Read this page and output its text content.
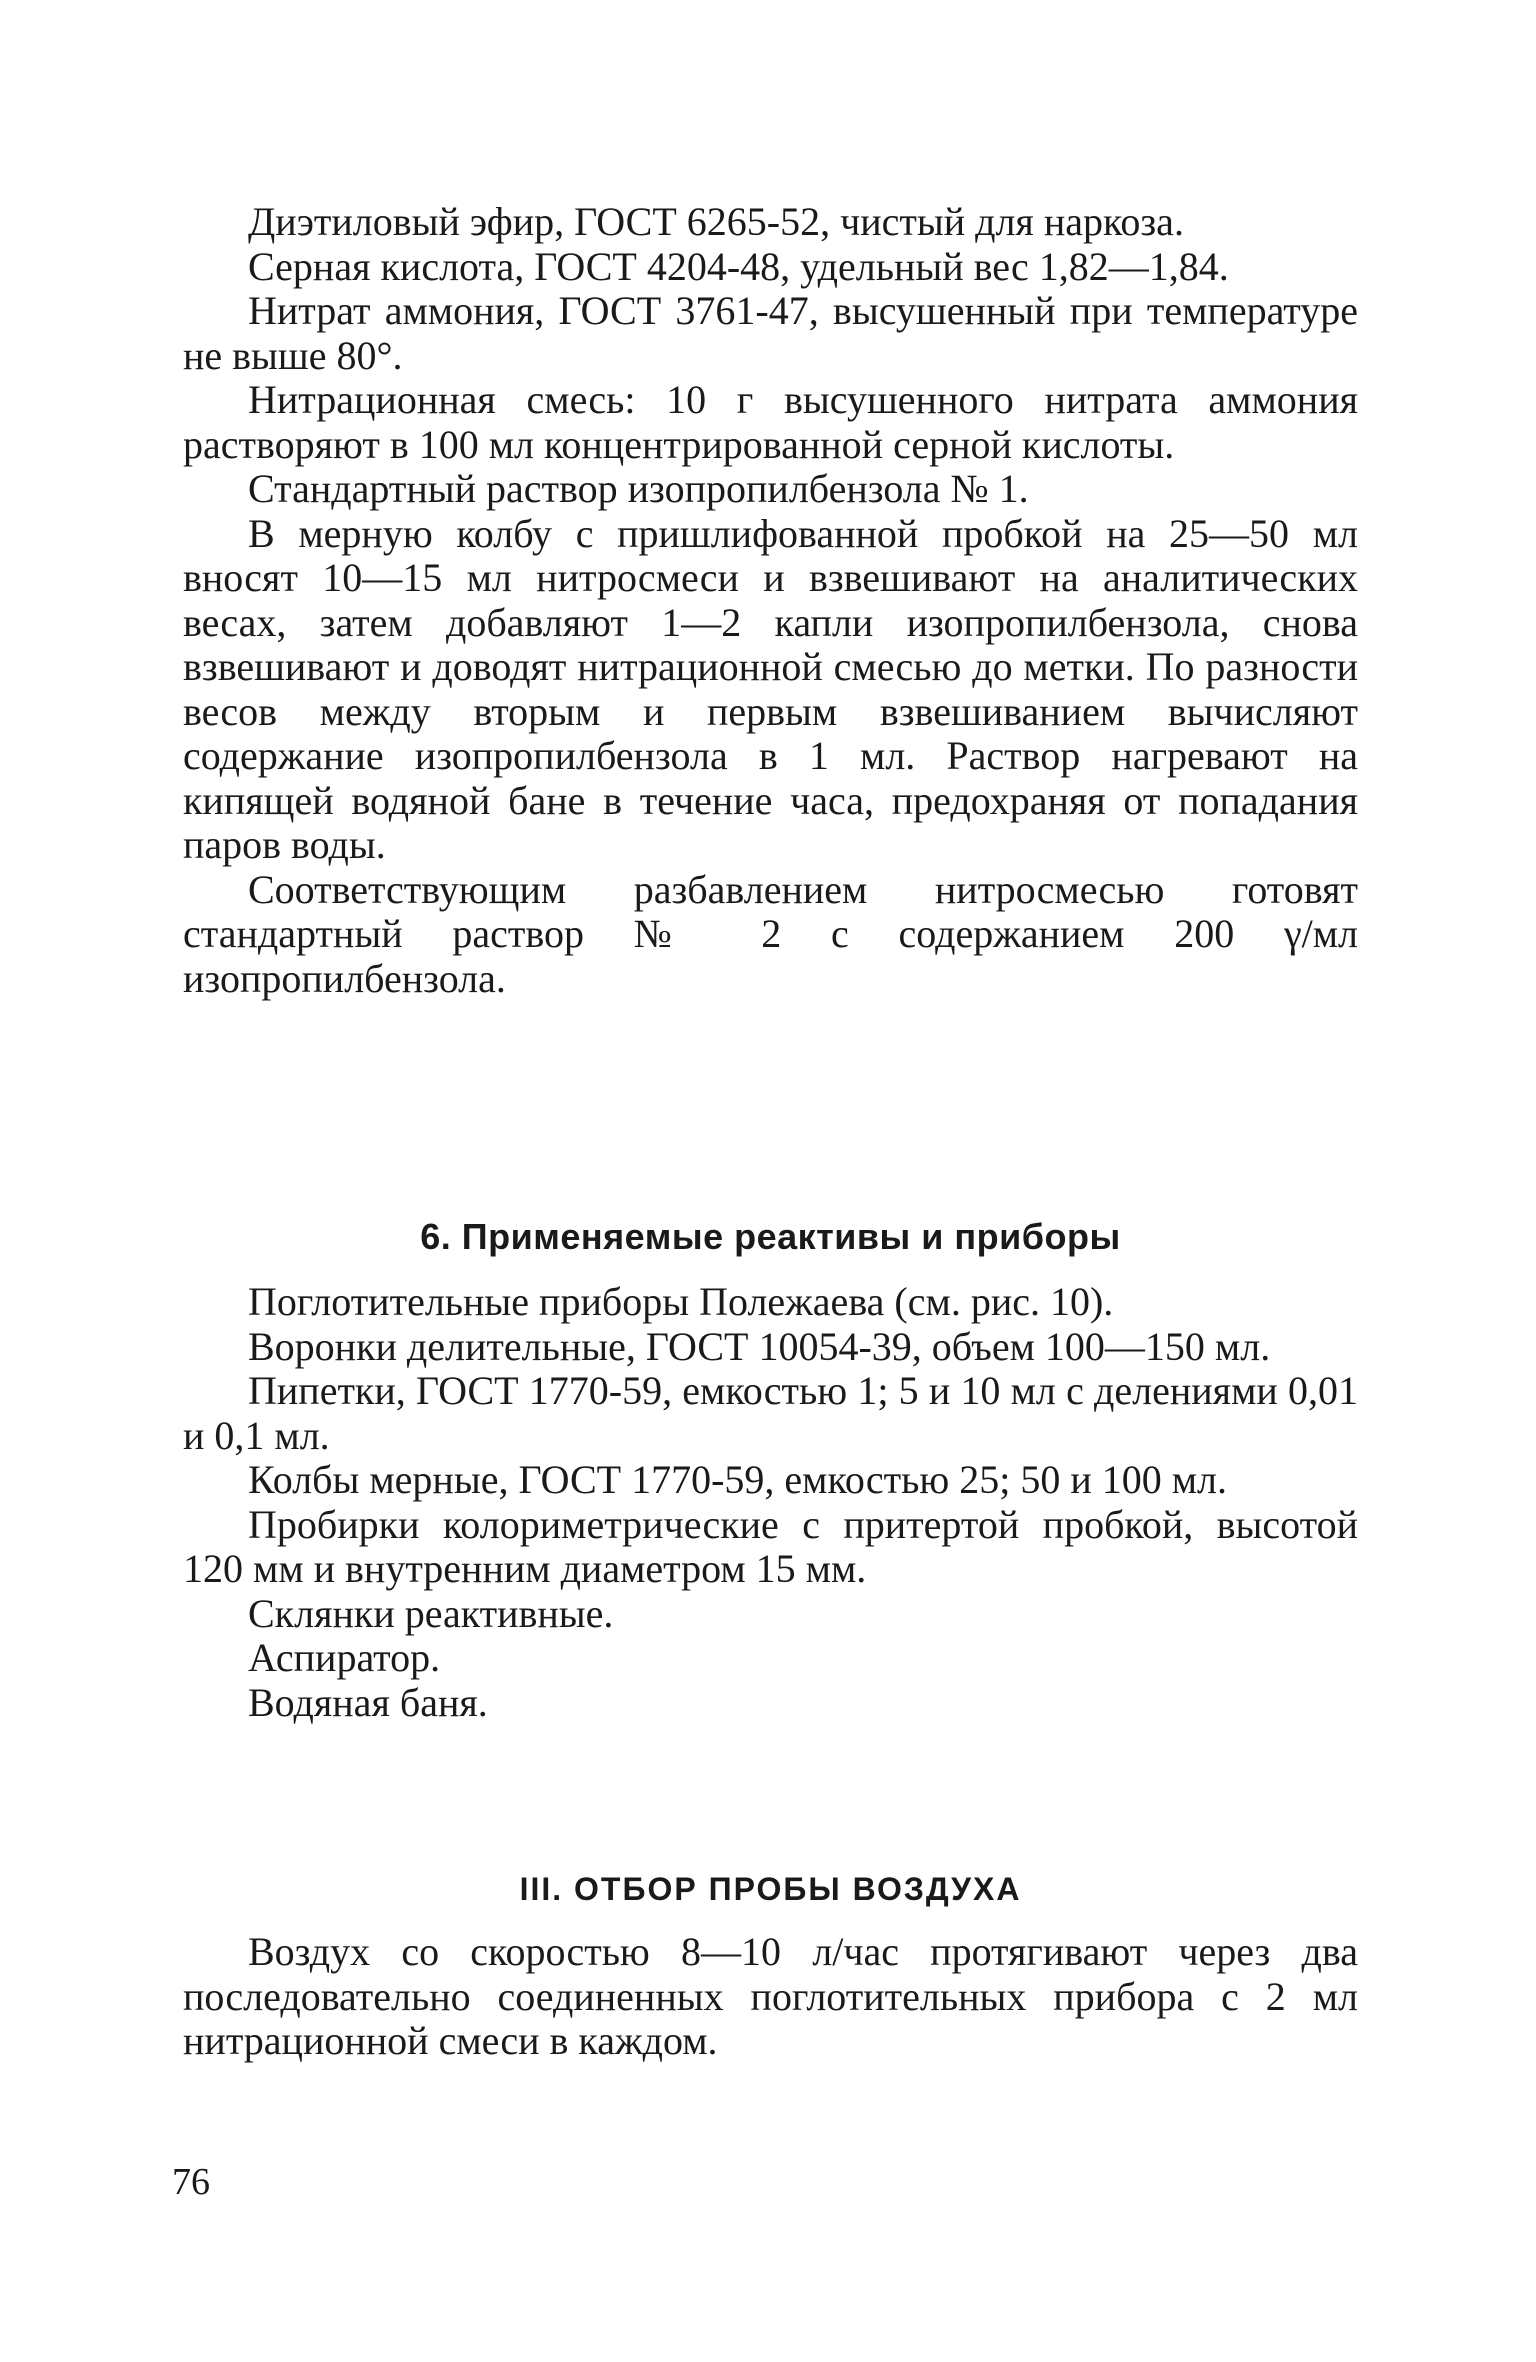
Диэтиловый эфир, ГОСТ 6265-52, чистый для наркоза.

Серная кислота, ГОСТ 4204-48, удельный вес 1,82—1,84.

Нитрат аммония, ГОСТ 3761-47, высушенный при температуре не выше 80°.

Нитрационная смесь: 10 г высушенного нитрата аммония растворяют в 100 мл концентрированной серной кислоты.

Стандартный раствор изопропилбензола № 1.

В мерную колбу с пришлифованной пробкой на 25—50 мл вносят 10—15 мл нитросмеси и взвешивают на аналитических весах, затем добавляют 1—2 капли изопропилбензола, снова взвешивают и доводят нитрационной смесью до метки. По разности весов между вторым и первым взвешиванием вычисляют содержание изопропилбензола в 1 мл. Раствор нагревают на кипящей водяной бане в течение часа, предохраняя от попадания паров воды.

Соответствующим разбавлением нитросмесью готовят стандартный раствор № 2 с содержанием 200 γ/мл изопропилбензола.

6. Применяемые реактивы и приборы

Поглотительные приборы Полежаева (см. рис. 10).

Воронки делительные, ГОСТ 10054-39, объем 100—150 мл.

Пипетки, ГОСТ 1770-59, емкостью 1; 5 и 10 мл с делениями 0,01 и 0,1 мл.

Колбы мерные, ГОСТ 1770-59, емкостью 25; 50 и 100 мл.

Пробирки колориметрические с притертой пробкой, высотой 120 мм и внутренним диаметром 15 мм.

Склянки реактивные.

Аспиратор.

Водяная баня.

III. ОТБОР ПРОБЫ ВОЗДУХА

Воздух со скоростью 8—10 л/час протягивают через два последовательно соединенных поглотительных прибора с 2 мл нитрационной смеси в каждом.

76
